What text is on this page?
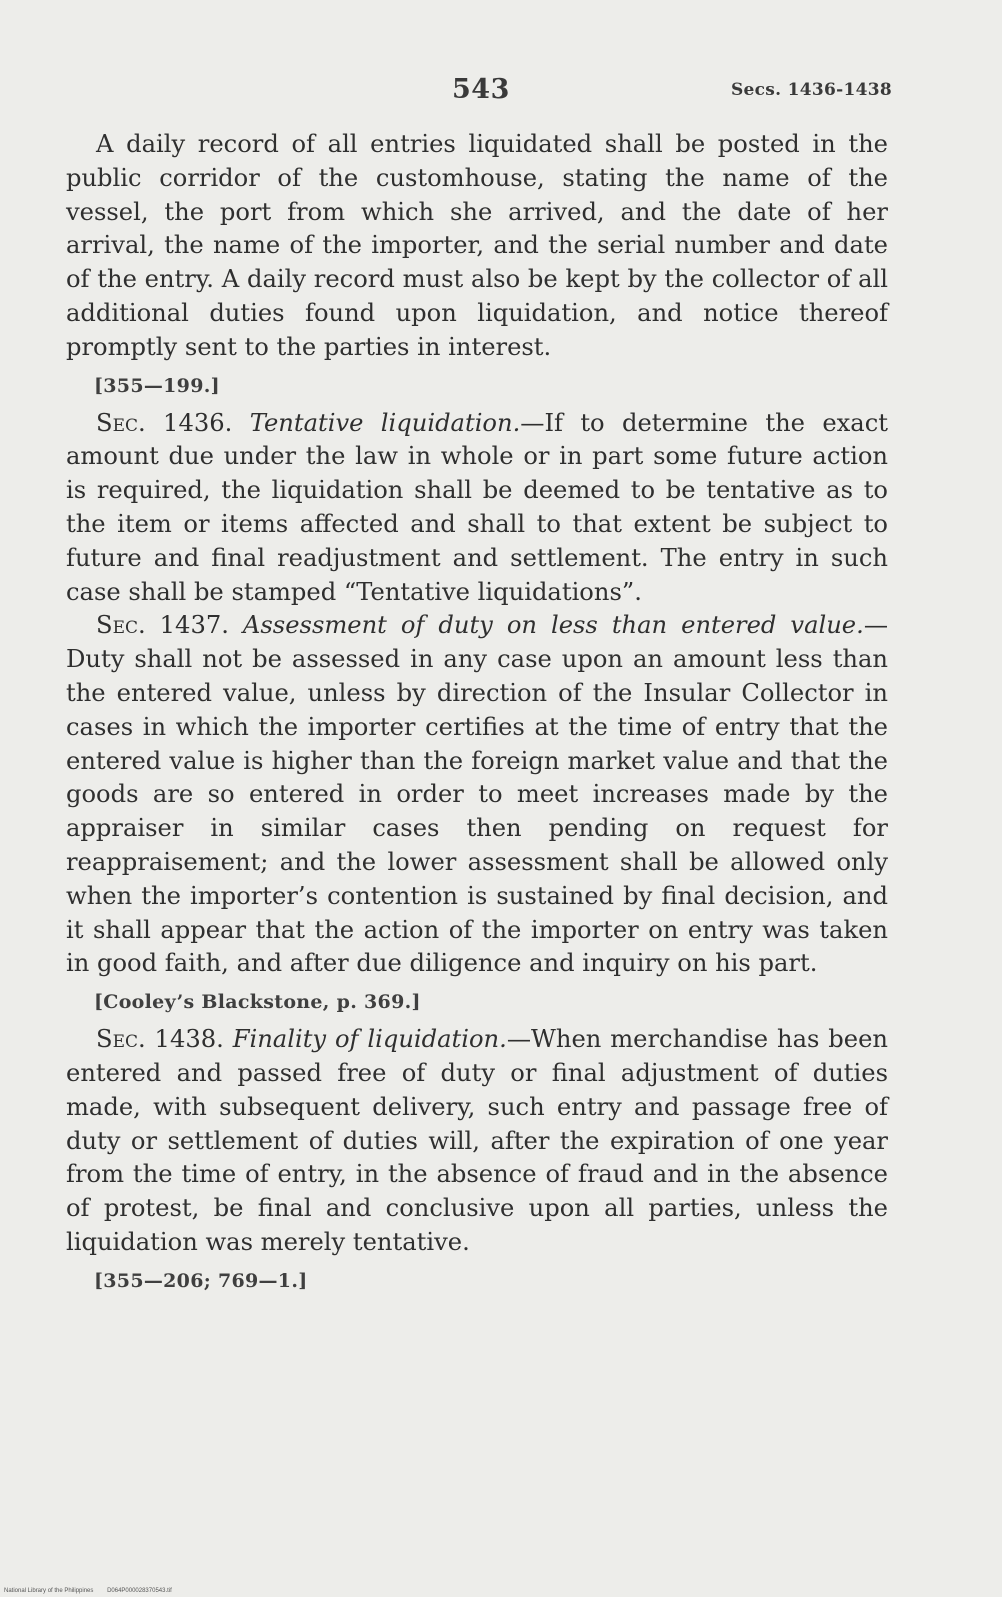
543	Secs. 1436-1438

A daily record of all entries liquidated shall be posted in the public corridor of the customhouse, stating the name of the vessel, the port from which she arrived, and the date of her arrival, the name of the importer, and the serial number and date of the entry. A daily record must also be kept by the collector of all additional duties found upon liquidation, and notice thereof promptly sent to the parties in interest.

[355—199.]

Sec. 1436. Tentative liquidation.—If to determine the exact amount due under the law in whole or in part some future action is required, the liquidation shall be deemed to be tentative as to the item or items affected and shall to that extent be subject to future and final readjustment and settlement. The entry in such case shall be stamped “Tentative liquidations”.

Sec. 1437. Assessment of duty on less than entered value.—Duty shall not be assessed in any case upon an amount less than the entered value, unless by direction of the Insular Collector in cases in which the importer certifies at the time of entry that the entered value is higher than the foreign market value and that the goods are so entered in order to meet increases made by the appraiser in similar cases then pending on request for reappraisement; and the lower assessment shall be allowed only when the importer’s contention is sustained by final decision, and it shall appear that the action of the importer on entry was taken in good faith, and after due diligence and inquiry on his part.

[Cooley’s Blackstone, p. 369.]

Sec. 1438. Finality of liquidation.—When merchandise has been entered and passed free of duty or final adjustment of duties made, with subsequent delivery, such entry and passage free of duty or settlement of duties will, after the expiration of one year from the time of entry, in the absence of fraud and in the absence of protest, be final and conclusive upon all parties, unless the liquidation was merely tentative.

[355—206; 769—1.]

National Library of the Philippines D064P000028370543.tif
